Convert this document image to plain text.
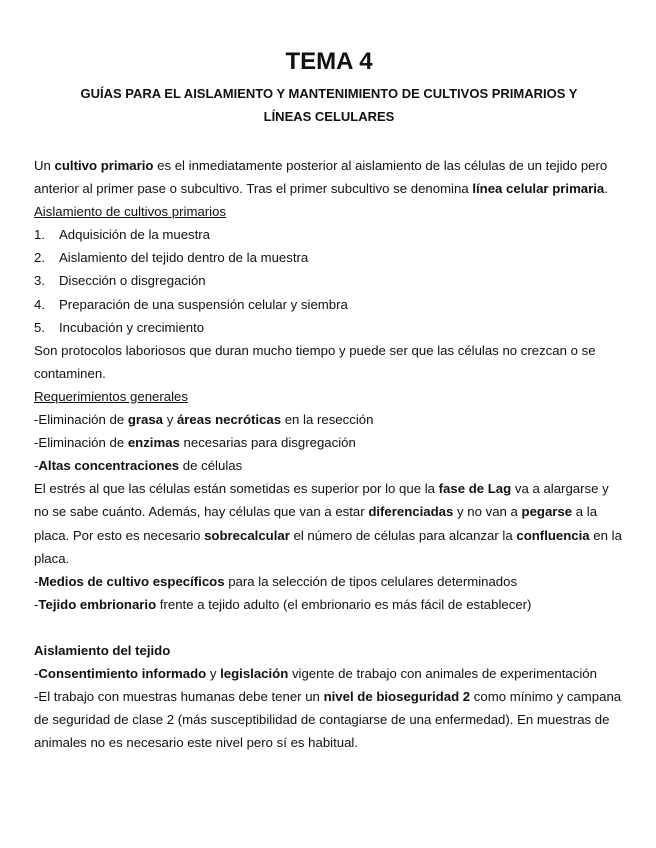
TEMA 4
GUÍAS PARA EL AISLAMIENTO Y MANTENIMIENTO DE CULTIVOS PRIMARIOS Y
LÍNEAS CELULARES

Un cultivo primario es el inmediatamente posterior al aislamiento de las células de un tejido pero anterior al primer pase o subcultivo. Tras el primer subcultivo se denomina línea celular primaria.

Aislamiento de cultivos primarios

1.	Adquisición de la muestra
2.	Aislamiento del tejido dentro de la muestra
3.	Disección o disgregación
4.	Preparación de una suspensión celular y siembra
5.	Incubación y crecimiento

Son protocolos laboriosos que duran mucho tiempo y puede ser que las células no crezcan o se contaminen.

Requerimientos generales

-Eliminación de grasa y áreas necróticas en la resección

-Eliminación de enzimas necesarias para disgregación

-Altas concentraciones de células

El estrés al que las células están sometidas es superior por lo que la fase de Lag va a alargarse y no se sabe cuánto. Además, hay células que van a estar diferenciadas y no van a pegarse a la placa. Por esto es necesario sobrecalcular el número de células para alcanzar la confluencia en la placa.

-Medios de cultivo específicos para la selección de tipos celulares determinados

-Tejido embrionario frente a tejido adulto (el embrionario es más fácil de establecer)

Aislamiento del tejido

-Consentimiento informado y legislación vigente de trabajo con animales de experimentación

-El trabajo con muestras humanas debe tener un nivel de bioseguridad 2 como mínimo y campana de seguridad de clase 2 (más susceptibilidad de contagiarse de una enfermedad). En muestras de animales no es necesario este nivel pero sí es habitual.
